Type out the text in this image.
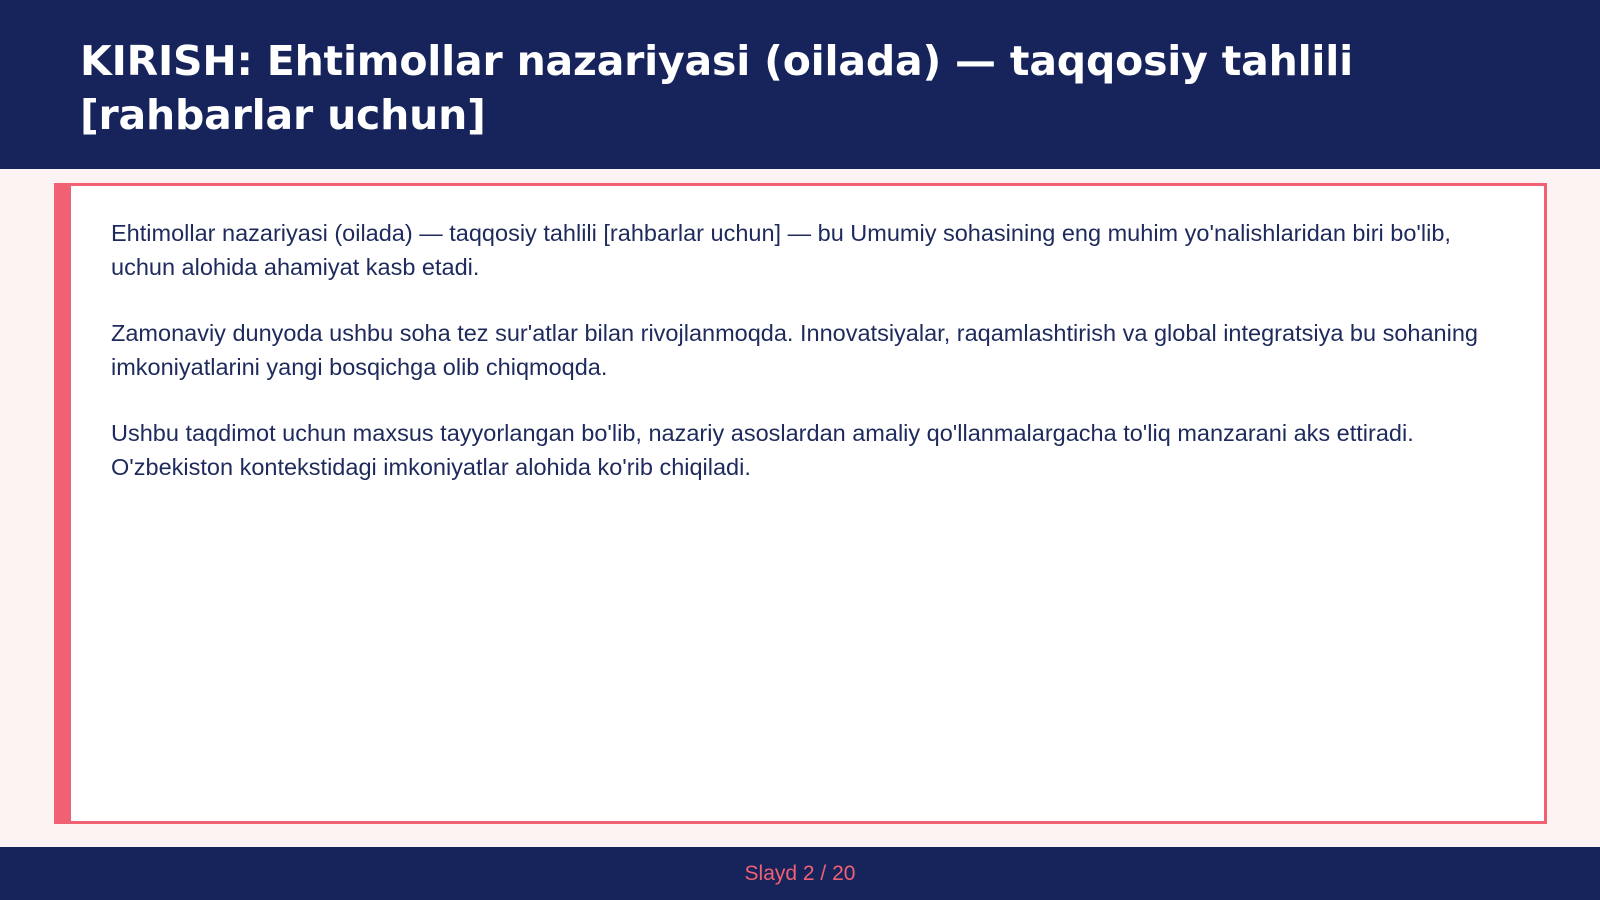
KIRISH: Ehtimollar nazariyasi (oilada) — taqqosiy tahlili [rahbarlar uchun]

Ehtimollar nazariyasi (oilada) — taqqosiy tahlili [rahbarlar uchun] — bu Umumiy sohasining eng muhim yo'nalishlaridan biri bo'lib, uchun alohida ahamiyat kasb etadi.

Zamonaviy dunyoda ushbu soha tez sur'atlar bilan rivojlanmoqda. Innovatsiyalar, raqamlashtirish va global integratsiya bu sohaning imkoniyatlarini yangi bosqichga olib chiqmoqda.

Ushbu taqdimot uchun maxsus tayyorlangan bo'lib, nazariy asoslardan amaliy qo'llanmalargacha to'liq manzarani aks ettiradi. O'zbekiston kontekstidagi imkoniyatlar alohida ko'rib chiqiladi.

Slayd 2 / 20
